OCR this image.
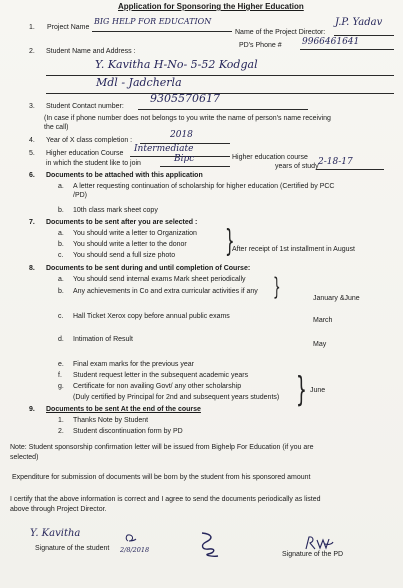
Application for Sponsoring the Higher Education
1. Project Name
BIG HELP FOR EDUCATION
Name of the Project Director:
J.P. Yadav
PD's Phone # 9966461641
2. Student Name and Address :
Y. Kavitha H-No- 5-52 Kodgal
Mdl - Jadcherla
3. Student Contact number:
9305570617
(In case if phone number does not belongs to you write the name of person's name receiving
the call)
4. Year of X class completion :
2018
5. Higher education Course Intermediate
in which the student like to join	Bipc	Higher education course
years of study 2-18-17
6. Documents to be attached with this application
a. A letter requesting continuation of scholarship for higher education (Certified by PCC
/PD)
b. 10th class mark sheet copy
7. Documents to be sent after you are selected :
a. You should write a letter to Organization
b. You should write a letter to the donor
c. You should send a full size photo }
After receipt of 1st installment in August
8. Documents to be sent during and until completion of Course:
a. You should send internal exams Mark sheet periodically
b. Any achievements in Co and extra curricular activities if any }	January &June
c. Hall Ticket Xerox copy before annual public exams
March
d. Intimation of Result
May
e. Final exam marks for the previous year
f. Student request letter in the subsequent academic years
g. Certificate for non availing Govt/ any other scholarship
(Duly certified by Principal for 2nd and subsequent years students) } June
9. Documents to be sent At the end of the course
1. Thanks Note by Student
2. Student discontinuation form by PD
Note: Student sponsorship confirmation letter will be issued from Bighelp For Education (if you are
selected)
Expenditure for submission of documents will be born by the student from his sponsored amount
I certify that the above information is correct and I agree to send the documents periodically as listed
above through Project Director.
Y. Kavitha
Signature of the student 2/8/2018
Signature of the PD
